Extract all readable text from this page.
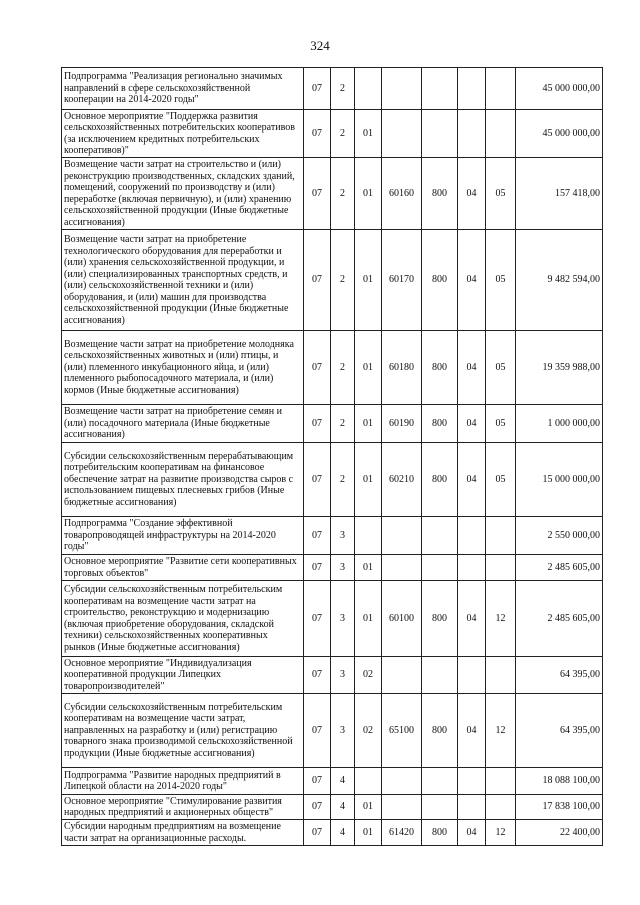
324
Подпрограмма "Реализация регионально значимых направлений в сфере сельскохозяйственной кооперации на 2014-2020 годы"	07	2						45 000 000,00
Основное мероприятие "Поддержка развития сельскохозяйственных потребительских кооперативов (за исключением кредитных потребительских кооперативов)"	07	2	01					45 000 000,00
Возмещение части затрат на строительство и (или) реконструкцию производственных, складских зданий, помещений, сооружений по производству и (или) переработке (включая первичную), и (или) хранению сельскохозяйственной продукции (Иные бюджетные ассигнования)	07	2	01	60160	800	04	05	157 418,00
Возмещение части затрат на приобретение технологического оборудования для переработки и (или) хранения сельскохозяйственной продукции, и (или) специализированных транспортных средств, и (или) сельскохозяйственной техники и (или) оборудования, и (или) машин для производства сельскохозяйственной продукции (Иные бюджетные ассигнования)	07	2	01	60170	800	04	05	9 482 594,00
Возмещение части затрат на приобретение молодняка сельскохозяйственных животных и (или) птицы, и (или) племенного инкубационного яйца, и (или) племенного рыбопосадочного материала, и (или) кормов (Иные бюджетные ассигнования)	07	2	01	60180	800	04	05	19 359 988,00
Возмещение части затрат на приобретение семян и (или) посадочного материала (Иные бюджетные ассигнования)	07	2	01	60190	800	04	05	1 000 000,00
Субсидии сельскохозяйственным перерабатывающим потребительским кооперативам на финансовое обеспечение затрат на развитие производства сыров с использованием пищевых плесневых грибов (Иные бюджетные ассигнования)	07	2	01	60210	800	04	05	15 000 000,00
Подпрограмма "Создание эффективной товаропроводящей инфраструктуры на 2014-2020 годы"	07	3						2 550 000,00
Основное мероприятие "Развитие сети кооперативных торговых объектов"	07	3	01					2 485 605,00
Субсидии сельскохозяйственным потребительским кооперативам на возмещение части затрат на строительство, реконструкцию и модернизацию (включая приобретение оборудования, складской техники) сельскохозяйственных кооперативных рынков (Иные бюджетные ассигнования)	07	3	01	60100	800	04	12	2 485 605,00
Основное мероприятие "Индивидуализация кооперативной продукции Липецких товаропроизводителей"	07	3	02					64 395,00
Субсидии сельскохозяйственным потребительским кооперативам на возмещение части затрат, направленных на разработку и (или) регистрацию товарного знака производимой сельскохозяйственной продукции (Иные бюджетные ассигнования)	07	3	02	65100	800	04	12	64 395,00
Подпрограмма "Развитие народных предприятий в Липецкой области на 2014-2020 годы"	07	4						18 088 100,00
Основное мероприятие "Стимулирование развития народных предприятий и акционерных обществ"	07	4	01					17 838 100,00
Субсидии народным предприятиям на возмещение части затрат на организационные расходы.	07	4	01	61420	800	04	12	22 400,00
